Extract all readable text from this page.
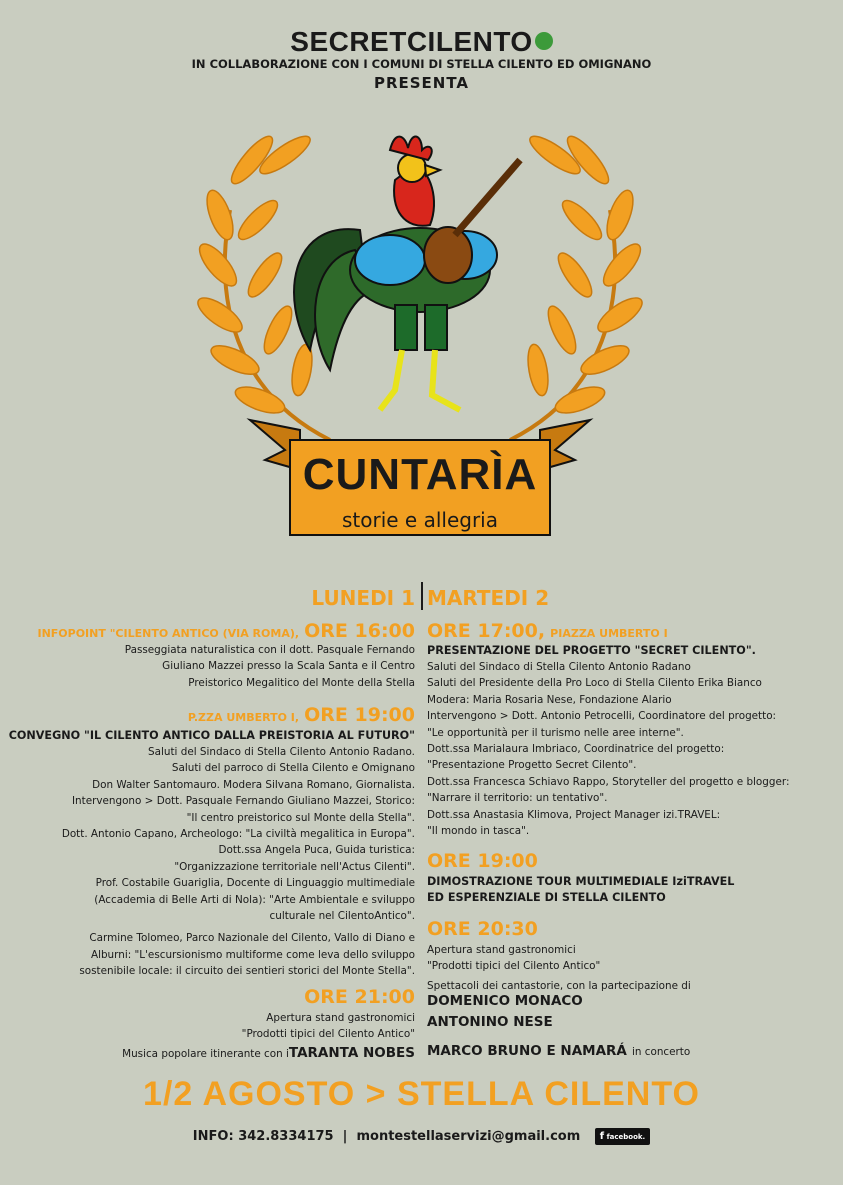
SECRETCILENTO
IN COLLABORAZIONE CON I COMUNI DI STELLA CILENTO ED OMIGNANO
PRESENTA
CUNTARÌA
storie e allegria
LUNEDI 1 MARTEDI 2
INFOPOINT "CILENTO ANTICO (VIA ROMA), ORE 16:00
Passeggiata naturalistica con il dott. Pasquale Fernando
Giuliano Mazzei presso la Scala Santa e il Centro
Preistorico Megalitico del Monte della Stella
P.ZZA UMBERTO I, ORE 19:00
CONVEGNO "IL CILENTO ANTICO DALLA PREISTORIA AL FUTURO"
Saluti del Sindaco di Stella Cilento Antonio Radano.
Saluti del parroco di Stella Cilento e Omignano
Don Walter Santomauro. Modera Silvana Romano, Giornalista.
Intervengono > Dott. Pasquale Fernando Giuliano Mazzei, Storico:
"Il centro preistorico sul Monte della Stella".
Dott. Antonio Capano, Archeologo: "La civiltà megalitica in Europa".
Dott.ssa Angela Puca, Guida turistica:
"Organizzazione territoriale nell'Actus Cilenti".
Prof. Costabile Guariglia, Docente di Linguaggio multimediale
(Accademia di Belle Arti di Nola): "Arte Ambientale e sviluppo
culturale nel CilentoAntico".
Carmine Tolomeo, Parco Nazionale del Cilento, Vallo di Diano e
Alburni: "L'escursionismo multiforme come leva dello sviluppo
sostenibile locale: il circuito dei sentieri storici del Monte Stella".
ORE 21:00
Apertura stand gastronomici
"Prodotti tipici del Cilento Antico"
Musica popolare itinerante con iTARANTA NOBES
ORE 17:00, PIAZZA UMBERTO I
PRESENTAZIONE DEL PROGETTO "SECRET CILENTO".
Saluti del Sindaco di Stella Cilento Antonio Radano
Saluti del Presidente della Pro Loco di Stella Cilento Erika Bianco
Modera: Maria Rosaria Nese, Fondazione Alario
Intervengono > Dott. Antonio Petrocelli, Coordinatore del progetto:
"Le opportunità per il turismo nelle aree interne".
Dott.ssa Marialaura Imbriaco, Coordinatrice del progetto:
"Presentazione Progetto Secret Cilento".
Dott.ssa Francesca Schiavo Rappo, Storyteller del progetto e blogger:
"Narrare il territorio: un tentativo".
Dott.ssa Anastasia Klimova, Project Manager izi.TRAVEL:
"Il mondo in tasca".
ORE 19:00
DIMOSTRAZIONE TOUR MULTIMEDIALE IziTRAVEL
ED ESPERENZIALE DI STELLA CILENTO
ORE 20:30
Apertura stand gastronomici
"Prodotti tipici del Cilento Antico"
Spettacoli dei cantastorie, con la partecipazione di
DOMENICO MONACO
ANTONINO NESE
MARCO BRUNO E NAMARÁ in concerto
1/2 AGOSTO > STELLA CILENTO
INFO: 342.8334175 | montestellaservizi@gmail.com f facebook.
